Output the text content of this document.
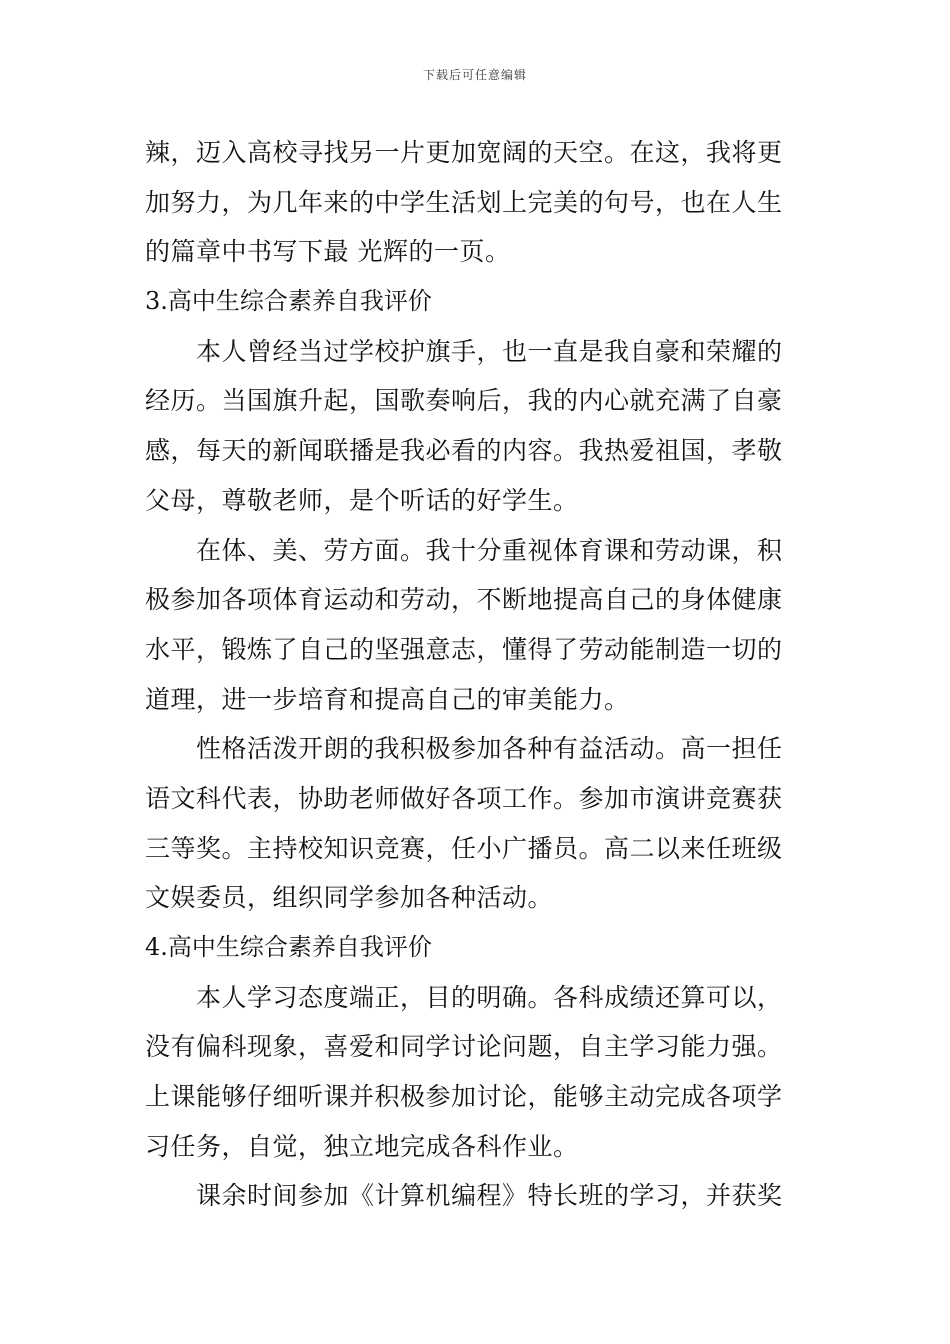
下载后可任意编辑
辣，迈入高校寻找另一片更加宽阔的天空。在这，我将更
加努力，为几年来的中学生活划上完美的句号，也在人生
的篇章中书写下最 光辉的一页。
3.高中生综合素养自我评价
本人曾经当过学校护旗手，也一直是我自豪和荣耀的
经历。当国旗升起，国歌奏响后，我的内心就充满了自豪
感，每天的新闻联播是我必看的内容。我热爱祖国，孝敬
父母，尊敬老师，是个听话的好学生。
在体、美、劳方面。我十分重视体育课和劳动课，积
极参加各项体育运动和劳动，不断地提高自己的身体健康
水平，锻炼了自己的坚强意志，懂得了劳动能制造一切的
道理，进一步培育和提高自己的审美能力。
性格活泼开朗的我积极参加各种有益活动。高一担任
语文科代表，协助老师做好各项工作。参加市演讲竞赛获
三等奖。主持校知识竞赛，任小广播员。高二以来任班级
文娱委员，组织同学参加各种活动。
4.高中生综合素养自我评价
本人学习态度端正，目的明确。各科成绩还算可以，
没有偏科现象，喜爱和同学讨论问题，自主学习能力强。
上课能够仔细听课并积极参加讨论，能够主动完成各项学
习任务，自觉，独立地完成各科作业。
课余时间参加《计算机编程》特长班的学习，并获奖
